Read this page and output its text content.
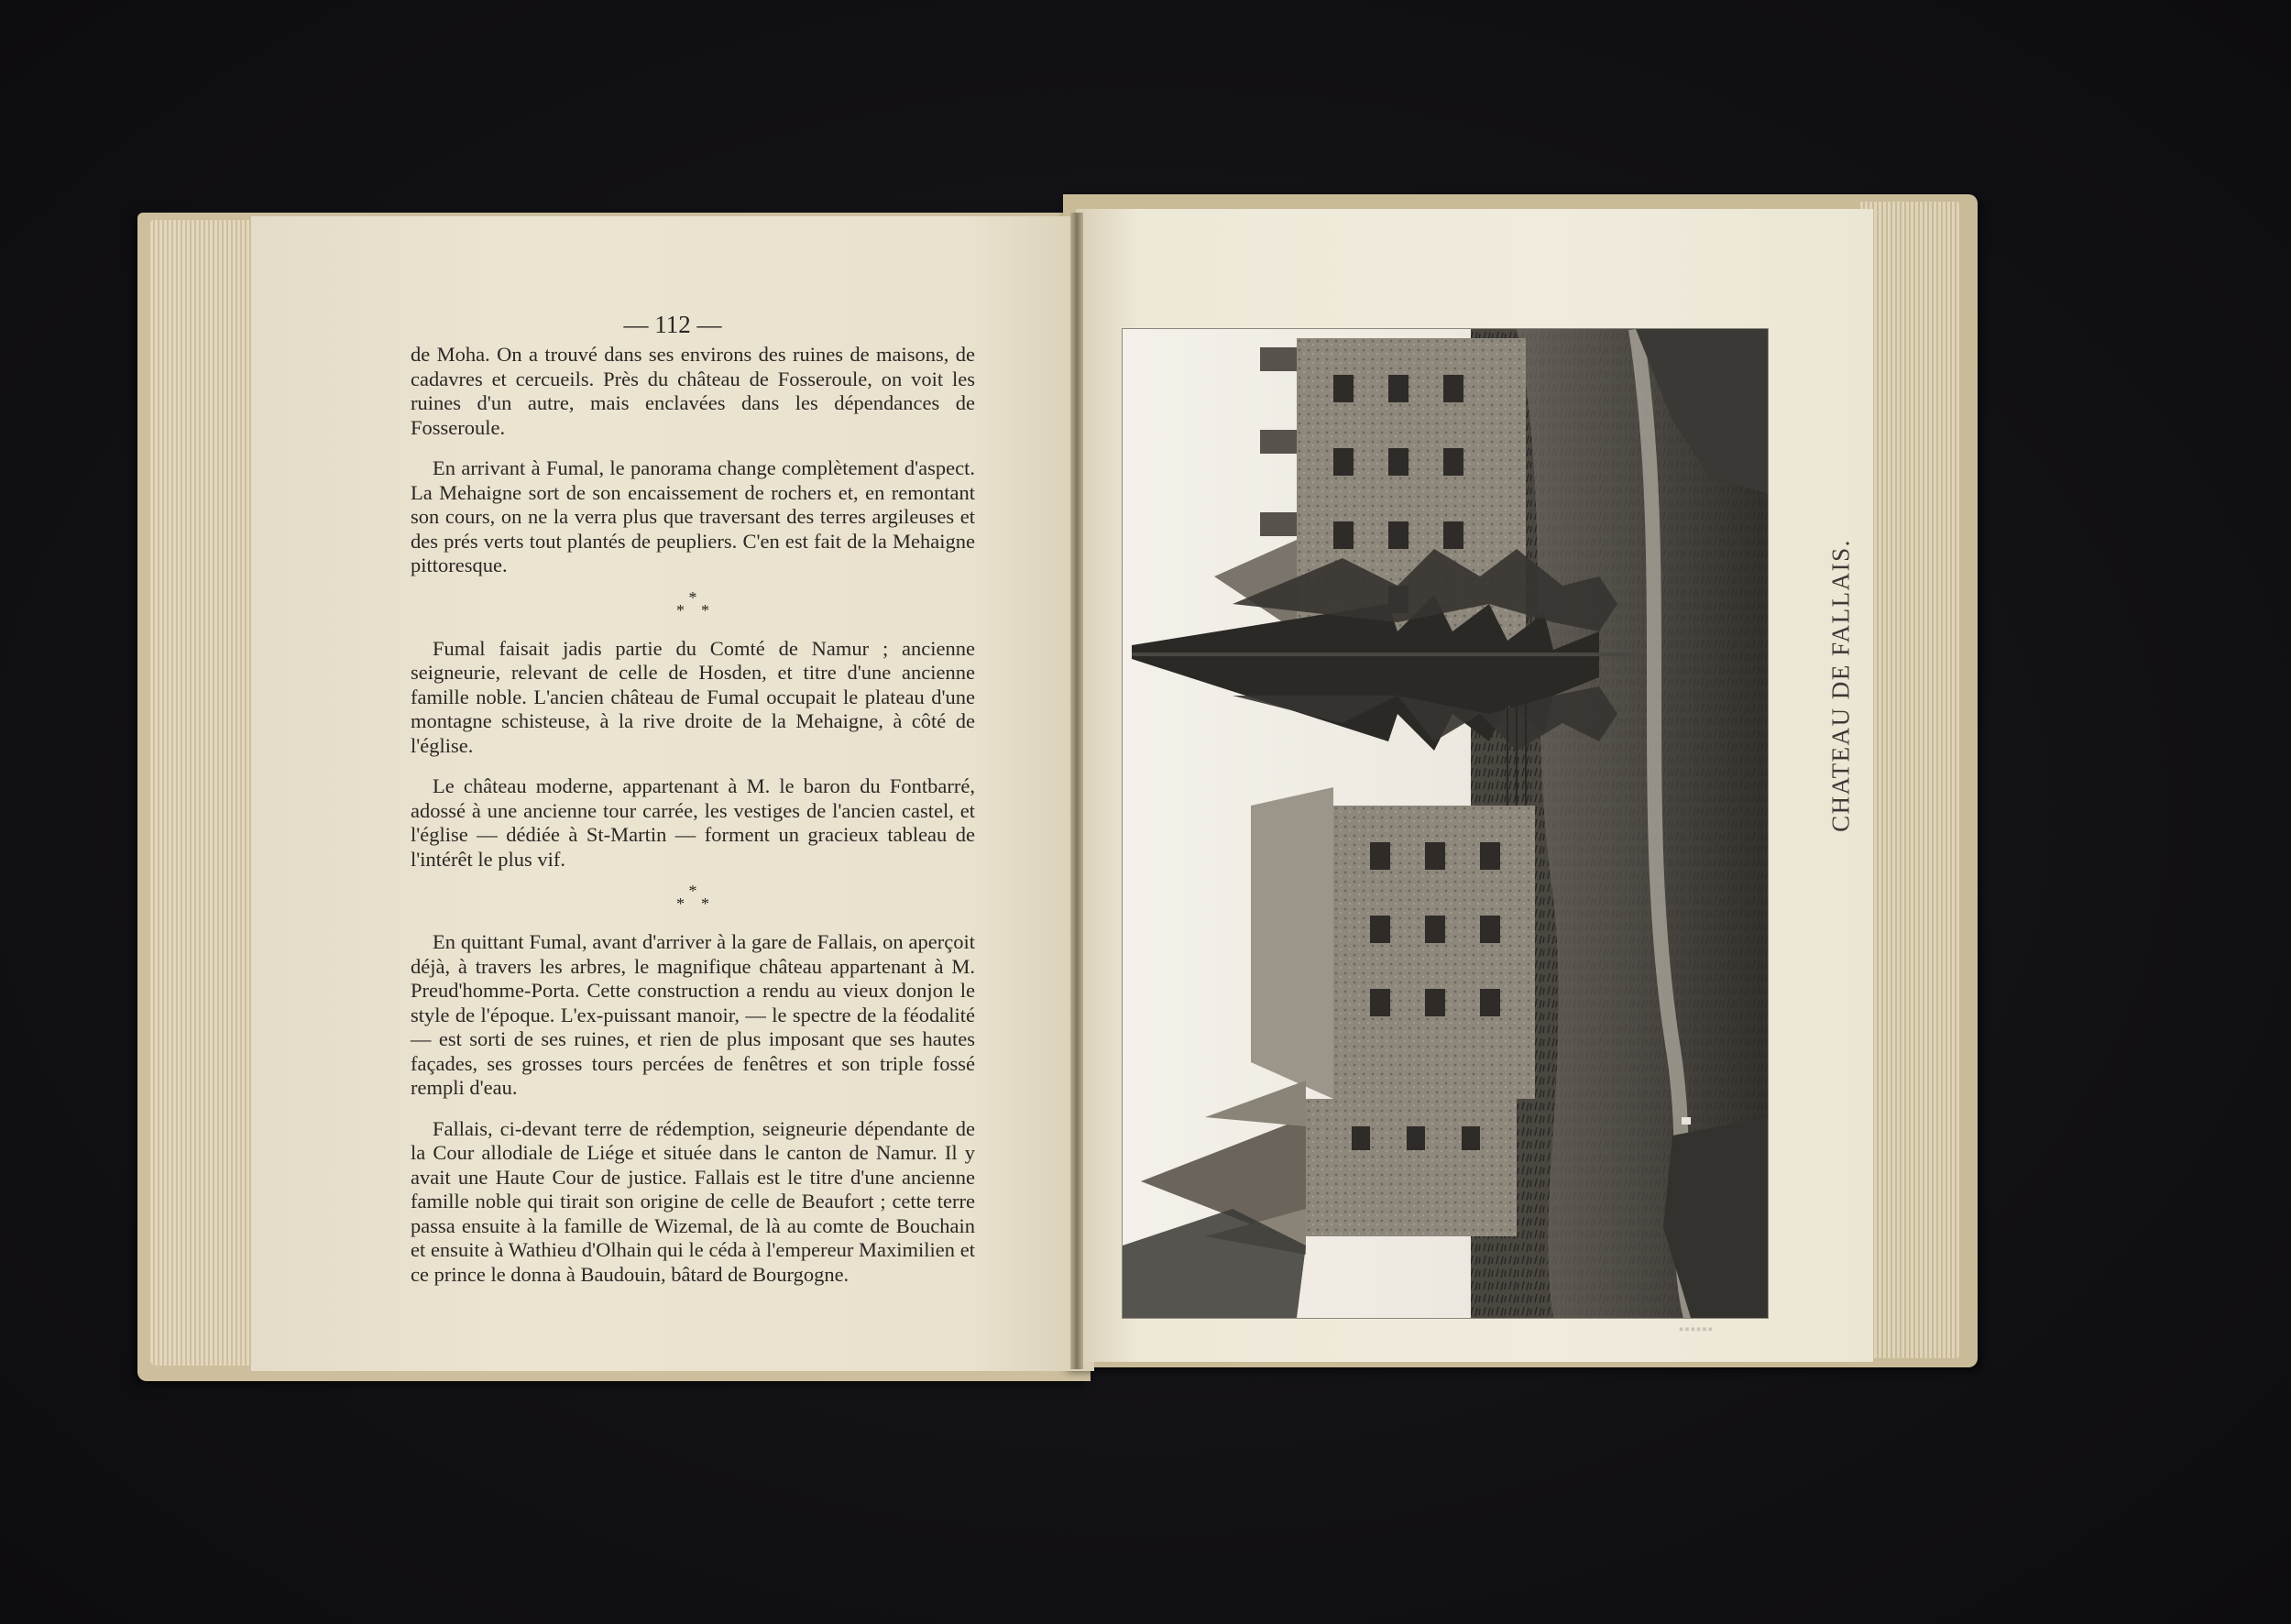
— 112 —

de Moha. On a trouvé dans ses environs des ruines de maisons, de cadavres et cercueils. Près du château de Fosseroule, on voit les ruines d'un autre, mais enclavées dans les dépendances de Fosseroule.

En arrivant à Fumal, le panorama change complètement d'aspect. La Mehaigne sort de son encaissement de rochers et, en remontant son cours, on ne la verra plus que traversant des terres argileuses et des prés verts tout plantés de peupliers. C'en est fait de la Mehaigne pittoresque.

*
* *

Fumal faisait jadis partie du Comté de Namur ; ancienne seigneurie, relevant de celle de Hosden, et titre d'une ancienne famille noble. L'ancien château de Fumal occupait le plateau d'une montagne schisteuse, à la rive droite de la Mehaigne, à côté de l'église.

Le château moderne, appartenant à M. le baron du Fontbarré, adossé à une ancienne tour carrée, les vestiges de l'ancien castel, et l'église — dédiée à St-Martin — forment un gracieux tableau de l'intérêt le plus vif.

*
* *

En quittant Fumal, avant d'arriver à la gare de Fallais, on aperçoit déjà, à travers les arbres, le magnifique château appartenant à M. Preud'homme-Porta. Cette construction a rendu au vieux donjon le style de l'époque. L'ex-puissant manoir, — le spectre de la féodalité — est sorti de ses ruines, et rien de plus imposant que ses hautes façades, ses grosses tours percées de fenêtres et son triple fossé rempli d'eau.

Fallais, ci-devant terre de rédemption, seigneurie dépendante de la Cour allodiale de Liége et située dans le canton de Namur. Il y avait une Haute Cour de justice. Fallais est le titre d'une ancienne famille noble qui tirait son origine de celle de Beaufort ; cette terre passa ensuite à la famille de Wizemal, de là au comte de Bouchain et ensuite à Wathieu d'Olhain qui le céda à l'empereur Maximilien et ce prince le donna à Baudouin, bâtard de Bourgogne.

CHATEAU DE FALLAIS.
▪▪▪▪▪▪
